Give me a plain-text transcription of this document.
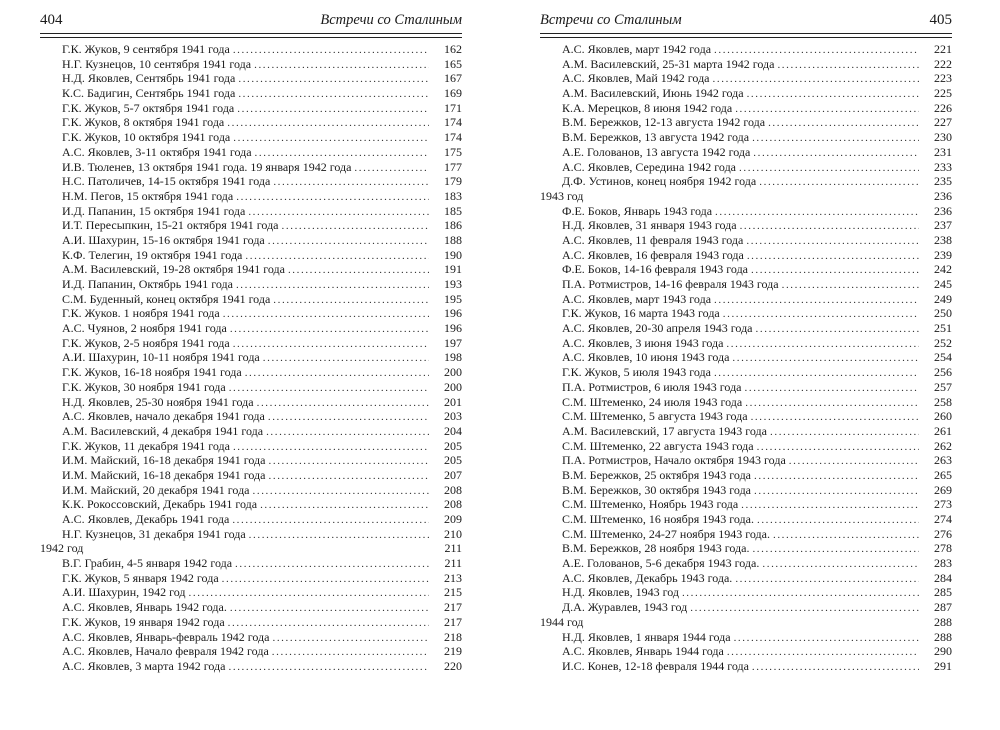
404	Встречи со Сталиным
Г.К. Жуков, 9 сентября 1941 года .....	162
Н.Г. Кузнецов, 10 сентября 1941 года .....	165
Н.Д. Яковлев, Сентябрь 1941 года .....	167
К.С. Бадигин, Сентябрь 1941 года .....	169
Г.К. Жуков, 5-7 октября 1941 года .....	171
Г.К. Жуков, 8 октября 1941 года .....	174
Г.К. Жуков, 10 октября 1941 года .....	174
А.С. Яковлев, 3-11 октября 1941 года .....	175
И.В. Тюленев, 13 октября 1941 года. 19 января 1942 года .....	177
Н.С. Патоличев, 14-15 октября 1941 года .....	179
Н.М. Пегов, 15 октября 1941 года .....	183
И.Д. Папанин, 15 октября 1941 года .....	185
И.Т. Пересыпкин, 15-21 октября 1941 года .....	186
А.И. Шахурин, 15-16 октября 1941 года .....	188
К.Ф. Телегин, 19 октября 1941 года .....	190
А.М. Василевский, 19-28 октября 1941 года .....	191
И.Д. Папанин, Октябрь 1941 года .....	193
С.М. Буденный, конец октября 1941 года .....	195
Г.К. Жуков. 1 ноября 1941 года .....	196
А.С. Чуянов, 2 ноября 1941 года .....	196
Г.К. Жуков, 2-5 ноября 1941 года .....	197
А.И. Шахурин, 10-11 ноября 1941 года .....	198
Г.К. Жуков, 16-18 ноября 1941 года .....	200
Г.К. Жуков, 30 ноября 1941 года .....	200
Н.Д. Яковлев, 25-30 ноября 1941 года .....	201
А.С. Яковлев, начало декабря 1941 года .....	203
А.М. Василевский, 4 декабря 1941 года .....	204
Г.К. Жуков, 11 декабря 1941 года .....	205
И.М. Майский, 16-18 декабря 1941 года .....	205
И.М. Майский, 16-18 декабря 1941 года .....	207
И.М. Майский, 20 декабря 1941 года .....	208
К.К. Рокоссовский, Декабрь 1941 года .....	208
А.С. Яковлев, Декабрь 1941 года .....	209
Н.Г. Кузнецов, 31 декабря 1941 года .....	210
1942 год	211
В.Г. Грабин, 4-5 января 1942 года .....	211
Г.К. Жуков, 5 января 1942 года .....	213
А.И. Шахурин, 1942 год .....	215
А.С. Яковлев, Январь 1942 года. .....	217
Г.К. Жуков, 19 января 1942 года .....	217
А.С. Яковлев, Январь-февраль 1942 года .....	218
А.С. Яковлев, Начало февраля 1942 года .....	219
А.С. Яковлев, 3 марта 1942 года .....	220
Встречи со Сталиным	405
А.С. Яковлев, март 1942 года .....	221
А.М. Василевский, 25-31 марта 1942 года .....	222
А.С. Яковлев, Май 1942 года .....	223
А.М. Василевский, Июнь 1942 года .....	225
К.А. Мерецков, 8 июня 1942 года .....	226
В.М. Бережков, 12-13 августа 1942 года .....	227
В.М. Бережков, 13 августа 1942 года .....	230
А.Е. Голованов, 13 августа 1942 года .....	231
А.С. Яковлев, Середина 1942 года .....	233
Д.Ф. Устинов, конец ноября 1942 года .....	235
1943 год	236
Ф.Е. Боков, Январь 1943 года .....	236
Н.Д. Яковлев, 31 января 1943 года .....	237
А.С. Яковлев, 11 февраля 1943 года .....	238
А.С. Яковлев, 16 февраля 1943 года .....	239
Ф.Е. Боков, 14-16 февраля 1943 года .....	242
П.А. Ротмистров, 14-16 февраля 1943 года .....	245
А.С. Яковлев, март 1943 года .....	249
Г.К. Жуков, 16 марта 1943 года .....	250
А.С. Яковлев, 20-30 апреля 1943 года .....	251
А.С. Яковлев, 3 июня 1943 года .....	252
А.С. Яковлев, 10 июня 1943 года .....	254
Г.К. Жуков, 5 июля 1943 года .....	256
П.А. Ротмистров, 6 июля 1943 года .....	257
С.М. Штеменко, 24 июля 1943 года .....	258
С.М. Штеменко, 5 августа 1943 года .....	260
А.М. Василевский, 17 августа 1943 года .....	261
С.М. Штеменко, 22 августа 1943 года .....	262
П.А. Ротмистров, Начало октября 1943 года .....	263
В.М. Бережков, 25 октября 1943 года .....	265
В.М. Бережков, 30 октября 1943 года .....	269
С.М. Штеменко, Ноябрь 1943 года .....	273
С.М. Штеменко, 16 ноября 1943 года. .....	274
С.М. Штеменко, 24-27 ноября 1943 года. .....	276
В.М. Бережков, 28 ноября 1943 года. .....	278
А.Е. Голованов, 5-6 декабря 1943 года. .....	283
А.С. Яковлев, Декабрь 1943 года. .....	284
Н.Д. Яковлев, 1943 год .....	285
Д.А. Журавлев, 1943 год .....	287
1944 год	288
Н.Д. Яковлев, 1 января 1944 года .....	288
А.С. Яковлев, Январь 1944 года .....	290
И.С. Конев, 12-18 февраля 1944 года .....	291
